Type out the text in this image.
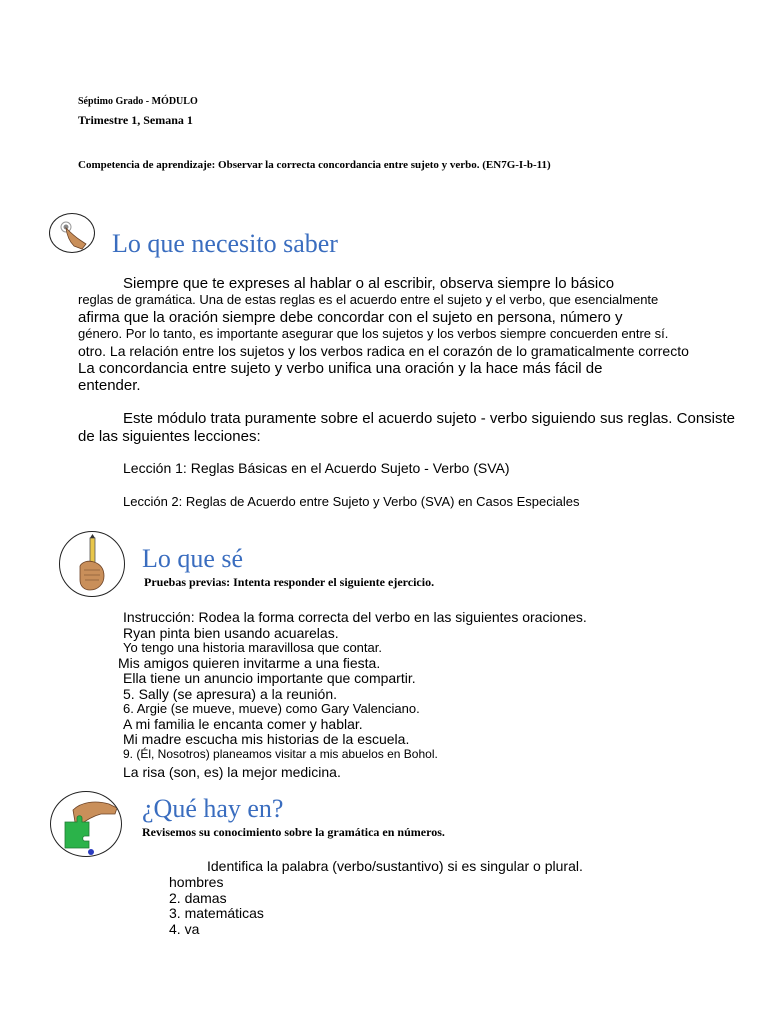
Séptimo Grado - MÓDULO
Trimestre 1, Semana 1
Competencia de aprendizaje: Observar la correcta concordancia entre sujeto y verbo. (EN7G-I-b-11)
Lo que necesito saber
Siempre que te expreses al hablar o al escribir, observa siempre lo básico
reglas de gramática. Una de estas reglas es el acuerdo entre el sujeto y el verbo, que esencialmente
afirma que la oración siempre debe concordar con el sujeto en persona, número y
género. Por lo tanto, es importante asegurar que los sujetos y los verbos siempre concuerden entre sí.
otro. La relación entre los sujetos y los verbos radica en el corazón de lo gramaticalmente correcto
La concordancia entre sujeto y verbo unifica una oración y la hace más fácil de
entender.
Este módulo trata puramente sobre el acuerdo sujeto - verbo siguiendo sus reglas. Consiste
de las siguientes lecciones:
Lección 1: Reglas Básicas en el Acuerdo Sujeto - Verbo (SVA)
Lección 2: Reglas de Acuerdo entre Sujeto y Verbo (SVA) en Casos Especiales
Lo que sé
Pruebas previas: Intenta responder el siguiente ejercicio.
Instrucción: Rodea la forma correcta del verbo en las siguientes oraciones.
Ryan pinta bien usando acuarelas.
Yo tengo una historia maravillosa que contar.
Mis amigos quieren invitarme a una fiesta.
Ella tiene un anuncio importante que compartir.
5. Sally (se apresura) a la reunión.
6. Argie (se mueve, mueve) como Gary Valenciano.
A mi familia le encanta comer y hablar.
Mi madre escucha mis historias de la escuela.
9. (Él, Nosotros) planeamos visitar a mis abuelos en Bohol.
La risa (son, es) la mejor medicina.
¿Qué hay en?
Revisemos su conocimiento sobre la gramática en números.
Identifica la palabra (verbo/sustantivo) si es singular o plural.
hombres
2. damas
3. matemáticas
4. va
